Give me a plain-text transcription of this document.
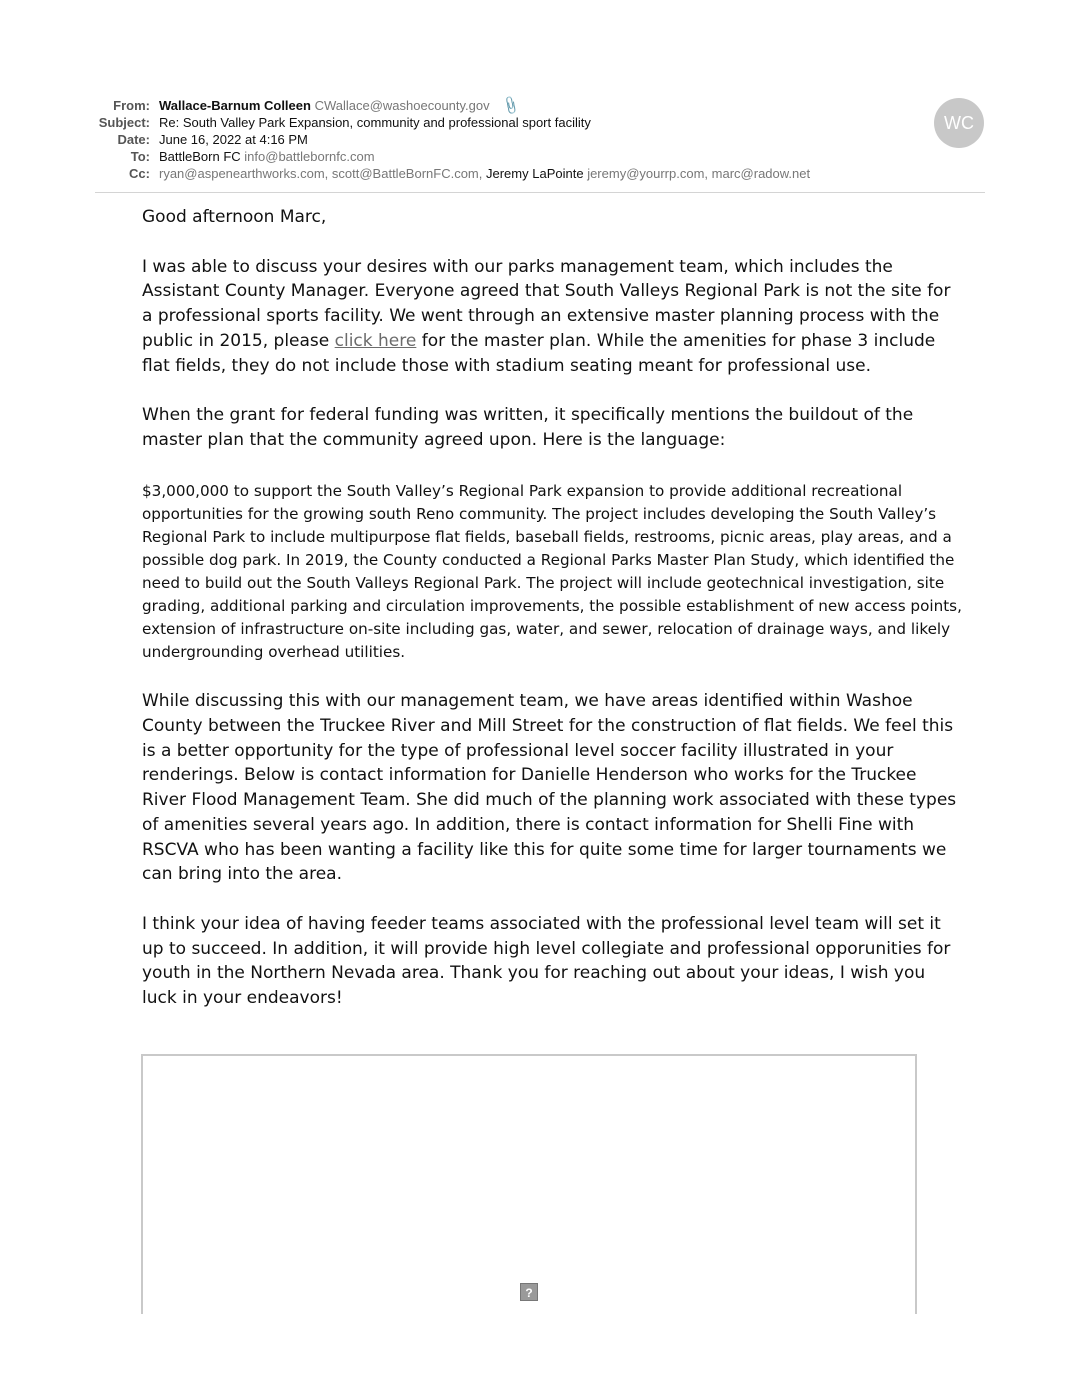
From: Wallace-Barnum Colleen CWallace@washoecounty.gov 📎
Subject: Re: South Valley Park Expansion, community and professional sport facility
Date: June 16, 2022 at 4:16 PM
To: BattleBorn FC info@battlebornfc.com
Cc: ryan@aspenearthworks.com, scott@BattleBornFC.com, Jeremy LaPointe jeremy@yourrp.com, marc@radow.net
WC

Good afternoon Marc,

I was able to discuss your desires with our parks management team, which includes the Assistant County Manager. Everyone agreed that South Valleys Regional Park is not the site for a professional sports facility. We went through an extensive master planning process with the public in 2015, please click here for the master plan. While the amenities for phase 3 include flat fields, they do not include those with stadium seating meant for professional use.

When the grant for federal funding was written, it specifically mentions the buildout of the master plan that the community agreed upon. Here is the language:

$3,000,000 to support the South Valley’s Regional Park expansion to provide additional recreational opportunities for the growing south Reno community. The project includes developing the South Valley’s Regional Park to include multipurpose flat fields, baseball fields, restrooms, picnic areas, play areas, and a possible dog park. In 2019, the County conducted a Regional Parks Master Plan Study, which identified the need to build out the South Valleys Regional Park. The project will include geotechnical investigation, site grading, additional parking and circulation improvements, the possible establishment of new access points, extension of infrastructure on-site including gas, water, and sewer, relocation of drainage ways, and likely undergrounding overhead utilities.

While discussing this with our management team, we have areas identified within Washoe County between the Truckee River and Mill Street for the construction of flat fields. We feel this is a better opportunity for the type of professional level soccer facility illustrated in your renderings. Below is contact information for Danielle Henderson who works for the Truckee River Flood Management Team. She did much of the planning work associated with these types of amenities several years ago. In addition, there is contact information for Shelli Fine with RSCVA who has been wanting a facility like this for quite some time for larger tournaments we can bring into the area.

I think your idea of having feeder teams associated with the professional level team will set it up to succeed. In addition, it will provide high level collegiate and professional opporunities for youth in the Northern Nevada area. Thank you for reaching out about your ideas, I wish you luck in your endeavors!

?
